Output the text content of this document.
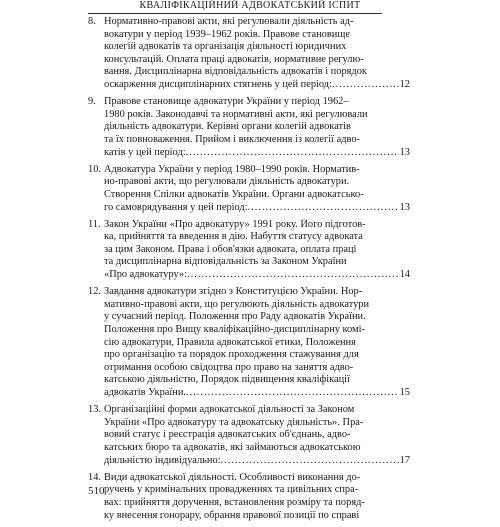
КВАЛІФІКАЦІЙНИЙ АДВОКАТСЬКИЙ ІСПИТ
8. Нормативно-правові акти, які регулювали діяльність ад-
вокатури у період 1939–1962 років. Правове становище
колегій адвокатів та організація діяльності юридичних
консультацій. Оплата праці адвокатів, нормативне регулю-
вання. Дисциплінарна відповідальність адвокатів і порядок
оскарження дисциплінарних стягнень у цей період: .....	12
9. Правове становище адвокатури України у період 1962–
1980 років. Законодавчі та нормативні акти, які регулювали
діяльність адвокатури. Керівні органи колегій адвокатів
та їх повноваження. Прийом і виключення із колегії адво-
катів у цей період: .....	13
10. Адвокатура України у період 1980–1990 років. Норматив-
но-правові акти, що регулювали діяльність адвокатури.
Створення Спілки адвокатів України. Органи адвокатсько-
го самоврядування у цей період: .....	13
11. Закон України «Про адвокатуру» 1991 року. Його підготов-
ка, прийняття та введення в дію. Набуття статусу адвоката
за цим Законом. Права і обов'язки адвоката, оплата праці
та дисциплінарна відповідальність за Законом України
«Про адвокатуру»: .....	14
12. Завдання адвокатури згідно з Конституцією України. Нор-
мативно-правові акти, що регулюють діяльність адвокатури
у сучасний період. Положення про Раду адвокатів України.
Положення про Вищу кваліфікаційно-дисциплінарну комі-
сію адвокатури, Правила адвокатської етики, Положення
про організацію та порядок проходження стажування для
отримання особою свідоцтва про право на заняття адво-
катською діяльністю, Порядок підвищення кваліфікації
адвокатів України. .....	15
13. Організаційні форми адвокатської діяльності за Законом
України «Про адвокатуру та адвокатську діяльність». Пра-
вовий статус і реєстрація адвокатських об'єднань, адво-
катських бюро та адвокатів, які займаються адвокатською
діяльністю індивідуально: .....	17
14. Види адвокатської діяльності. Особливості виконання до-
ручень у кримінальних провадженнях та цивільних спра-
вах: прийняття доручення, встановлення розміру та поряд-
ку внесення гонорару, обрання правової позиції по справі
510
